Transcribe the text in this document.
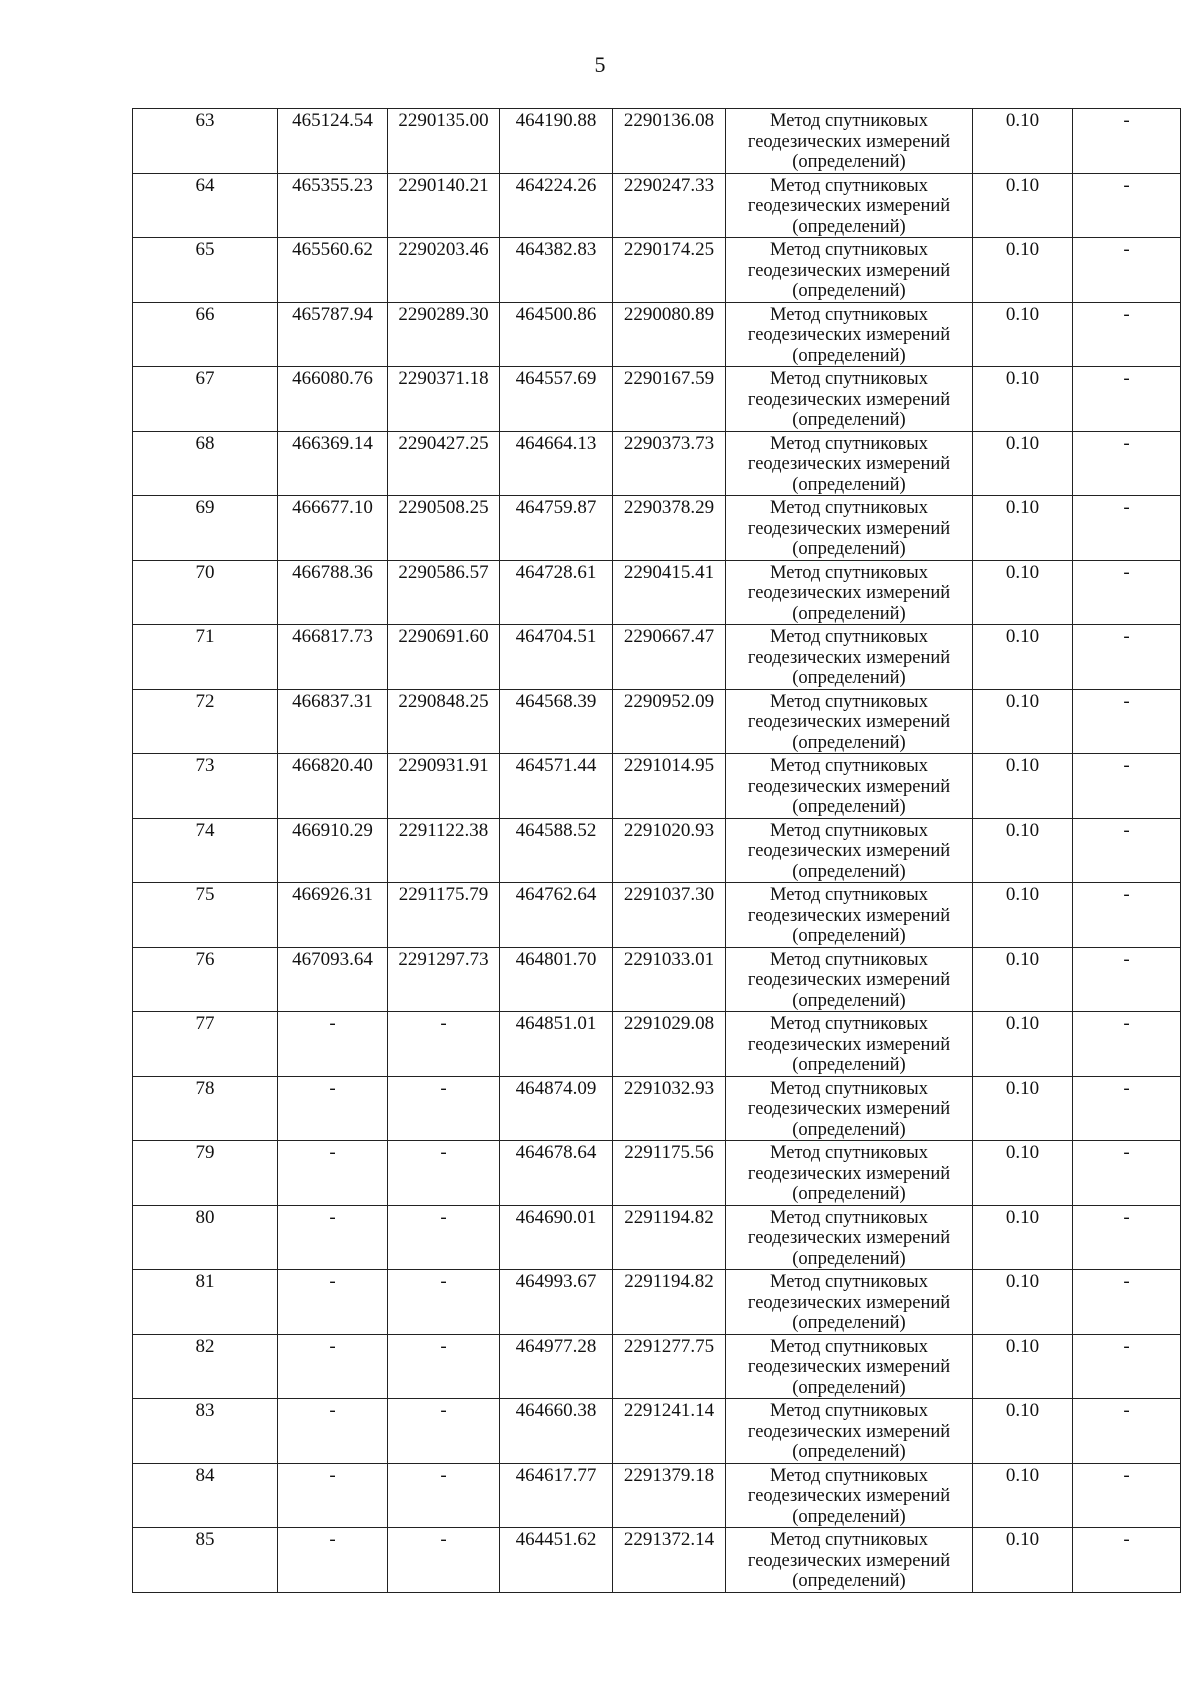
5
63	465124.54	2290135.00	464190.88	2290136.08	Метод спутниковых геодезических измерений (определений)	0.10	-
64	465355.23	2290140.21	464224.26	2290247.33	Метод спутниковых геодезических измерений (определений)	0.10	-
65	465560.62	2290203.46	464382.83	2290174.25	Метод спутниковых геодезических измерений (определений)	0.10	-
66	465787.94	2290289.30	464500.86	2290080.89	Метод спутниковых геодезических измерений (определений)	0.10	-
67	466080.76	2290371.18	464557.69	2290167.59	Метод спутниковых геодезических измерений (определений)	0.10	-
68	466369.14	2290427.25	464664.13	2290373.73	Метод спутниковых геодезических измерений (определений)	0.10	-
69	466677.10	2290508.25	464759.87	2290378.29	Метод спутниковых геодезических измерений (определений)	0.10	-
70	466788.36	2290586.57	464728.61	2290415.41	Метод спутниковых геодезических измерений (определений)	0.10	-
71	466817.73	2290691.60	464704.51	2290667.47	Метод спутниковых геодезических измерений (определений)	0.10	-
72	466837.31	2290848.25	464568.39	2290952.09	Метод спутниковых геодезических измерений (определений)	0.10	-
73	466820.40	2290931.91	464571.44	2291014.95	Метод спутниковых геодезических измерений (определений)	0.10	-
74	466910.29	2291122.38	464588.52	2291020.93	Метод спутниковых геодезических измерений (определений)	0.10	-
75	466926.31	2291175.79	464762.64	2291037.30	Метод спутниковых геодезических измерений (определений)	0.10	-
76	467093.64	2291297.73	464801.70	2291033.01	Метод спутниковых геодезических измерений (определений)	0.10	-
77	-	-	464851.01	2291029.08	Метод спутниковых геодезических измерений (определений)	0.10	-
78	-	-	464874.09	2291032.93	Метод спутниковых геодезических измерений (определений)	0.10	-
79	-	-	464678.64	2291175.56	Метод спутниковых геодезических измерений (определений)	0.10	-
80	-	-	464690.01	2291194.82	Метод спутниковых геодезических измерений (определений)	0.10	-
81	-	-	464993.67	2291194.82	Метод спутниковых геодезических измерений (определений)	0.10	-
82	-	-	464977.28	2291277.75	Метод спутниковых геодезических измерений (определений)	0.10	-
83	-	-	464660.38	2291241.14	Метод спутниковых геодезических измерений (определений)	0.10	-
84	-	-	464617.77	2291379.18	Метод спутниковых геодезических измерений (определений)	0.10	-
85	-	-	464451.62	2291372.14	Метод спутниковых геодезических измерений (определений)	0.10	-
